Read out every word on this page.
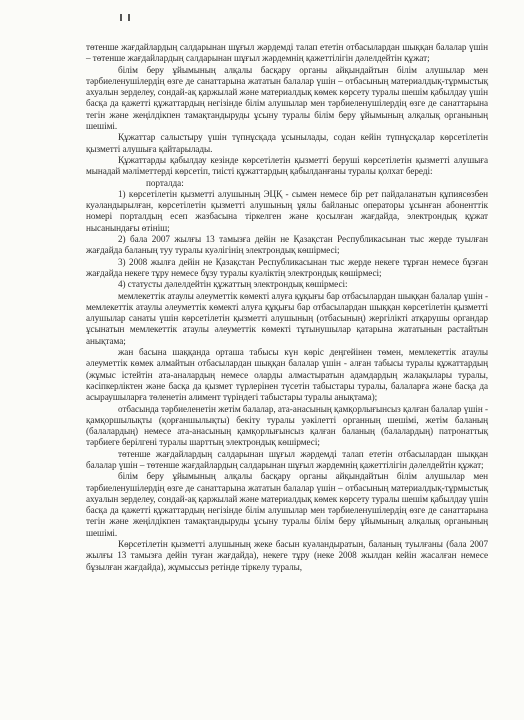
төтенше жағдайлардың салдарынан шұғыл жәрдемді талап ететін отбасылардан шыққан балалар үшін – төтенше жағдайлардың салдарынан шұғыл жәрдемнің қажеттілігін дәлелдейтін құжат;

білім беру ұйымының алқалы басқару органы айқындайтын білім алушылар мен тәрбиеленушілердің өзге де санаттарына жататын балалар үшін – отбасының материалдық-тұрмыстық ахуалын зерделеу, сондай-ақ қаржылай және материалдық көмек көрсету туралы шешім қабылдау үшін басқа да қажетті құжаттардың негізінде білім алушылар мен тәрбиеленушілердің өзге де санаттарына тегін және жеңілдікпен тамақтандыруды ұсыну туралы білім беру ұйымының алқалық органының шешімі.

Құжаттар салыстыру үшін түпнұсқада ұсынылады, содан кейін түпнұсқалар көрсетілетін қызметті алушыға қайтарылады.

Құжаттарды қабылдау кезінде көрсетілетін қызметті беруші көрсетілетін қызметті алушыға мынадай мәліметтерді көрсетіп, тиісті құжаттардың қабылданғаны туралы қолхат береді:

порталда:

1) көрсетілетін қызметті алушының ЭЦҚ - сымен немесе бір рет пайдаланатын құпиясөзбен куәландырылған, көрсетілетін қызметті алушының ұялы байланыс операторы ұсынған абоненттік номері порталдың есеп жазбасына тіркелген және қосылған жағдайда, электрондық құжат нысанындағы өтініш;

2) бала 2007 жылғы 13 тамызға дейін не Қазақстан Республикасынан тыс жерде туылған жағдайда баланың туу туралы куәлігінің электрондық көшірмесі;

3) 2008 жылға дейін не Қазақстан Республикасынан тыс жерде некеге тұрған немесе бұзған жағдайда некеге тұру немесе бұзу туралы куәліктің электрондық көшірмесі;

4) статусты дәлелдейтін құжаттың электрондық көшірмесі:

мемлекеттік атаулы әлеуметтік көмекті алуға құқығы бар отбасылардан шыққан балалар үшін - мемлекеттік атаулы әлеуметтік көмекті алуға құқығы бар отбасылардан шыққан көрсетілетін қызметті алушылар санаты үшін көрсетілетін қызметті алушының (отбасының) жергілікті атқарушы органдар ұсынатын мемлекеттік атаулы әлеуметтік көмекті тұтынушылар қатарына жататынын растайтын анықтама;

жан басына шаққанда орташа табысы күн көріс деңгейінен төмен, мемлекеттік атаулы әлеуметтік көмек алмайтын отбасылардан шыққан балалар үшін - алған табысы туралы құжаттардың (жұмыс істейтін ата-аналардың немесе оларды алмастыратын адамдардың жалақылары туралы, кәсіпкерліктен және басқа да қызмет түрлерінен түсетін табыстары туралы, балаларға және басқа да асыраушыларға төленетін алимент түріндегі табыстары туралы анықтама);

отбасында тәрбиеленетін жетім балалар, ата-анасының қамқорлығынсыз қалған балалар үшін - қамқоршылықты (қорғаншылықты) бекіту туралы уәкілетті органның шешімі, жетім баланың (балалардың) немесе ата-анасының қамқорлығынсыз қалған баланың (балалардың) патронаттық тәрбиеге берілгені туралы шарттың электрондық көшірмесі;

төтенше жағдайлардың салдарынан шұғыл жәрдемді талап ететін отбасылардан шыққан балалар үшін – төтенше жағдайлардың салдарынан шұғыл жәрдемнің қажеттілігін дәлелдейтін құжат;

білім беру ұйымының алқалы басқару органы айқындайтын білім алушылар мен тәрбиеленушілердің өзге де санаттарына жататын балалар үшін – отбасының материалдық-тұрмыстық ахуалын зерделеу, сондай-ақ қаржылай және материалдық көмек көрсету туралы шешім қабылдау үшін басқа да қажетті құжаттардың негізінде білім алушылар мен тәрбиеленушілердің өзге де санаттарына тегін және жеңілдікпен тамақтандыруды ұсыну туралы білім беру ұйымының алқалық органының шешімі.

Көрсетілетін қызметті алушының жеке басын куәландыратын, баланың туылғаны (бала 2007 жылғы 13 тамызға дейін туған жағдайда), некеге тұру (неке 2008 жылдан кейін жасалған немесе бұзылған жағдайда), жұмыссыз ретінде тіркелу туралы,
